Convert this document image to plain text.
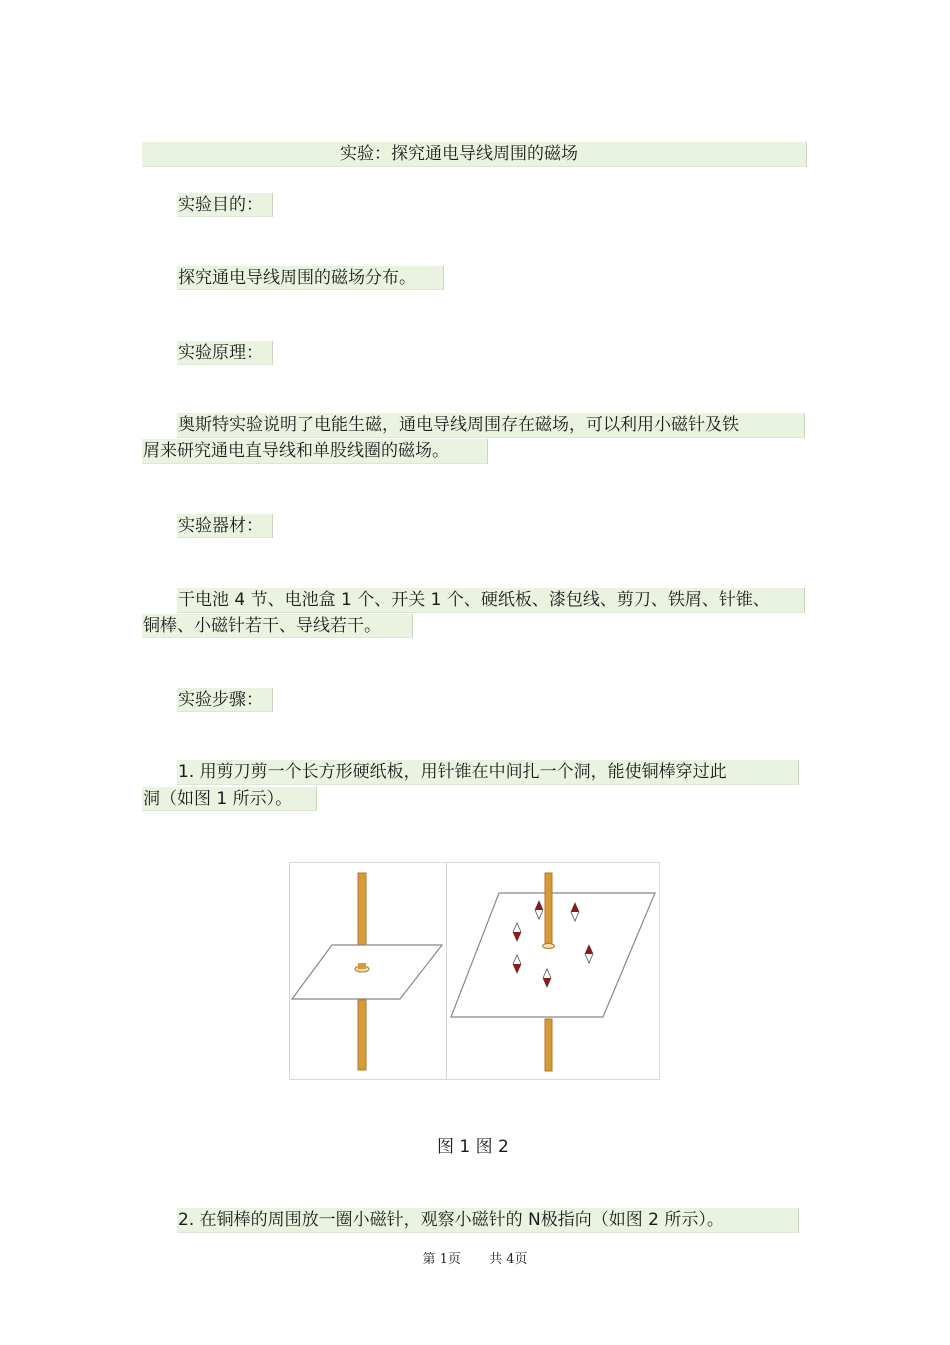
实验：探究通电导线周围的磁场
实验目的：
探究通电导线周围的磁场分布。
实验原理：
奥斯特实验说明了电能生磁，通电导线周围存在磁场，可以利用小磁针及铁
屑来研究通电直导线和单股线圈的磁场。
实验器材：
干电池 4 节、电池盒 1 个、开关 1 个、硬纸板、漆包线、剪刀、铁屑、针锥、
铜棒、小磁针若干、导线若干。
实验步骤：
1. 用剪刀剪一个长方形硬纸板，用针锥在中间扎一个洞，能使铜棒穿过此
洞（如图 1 所示）。
图 1 图 2
2. 在铜棒的周围放一圈小磁针，观察小磁针的 N极指向（如图 2 所示）。
第 1页 共 4页
